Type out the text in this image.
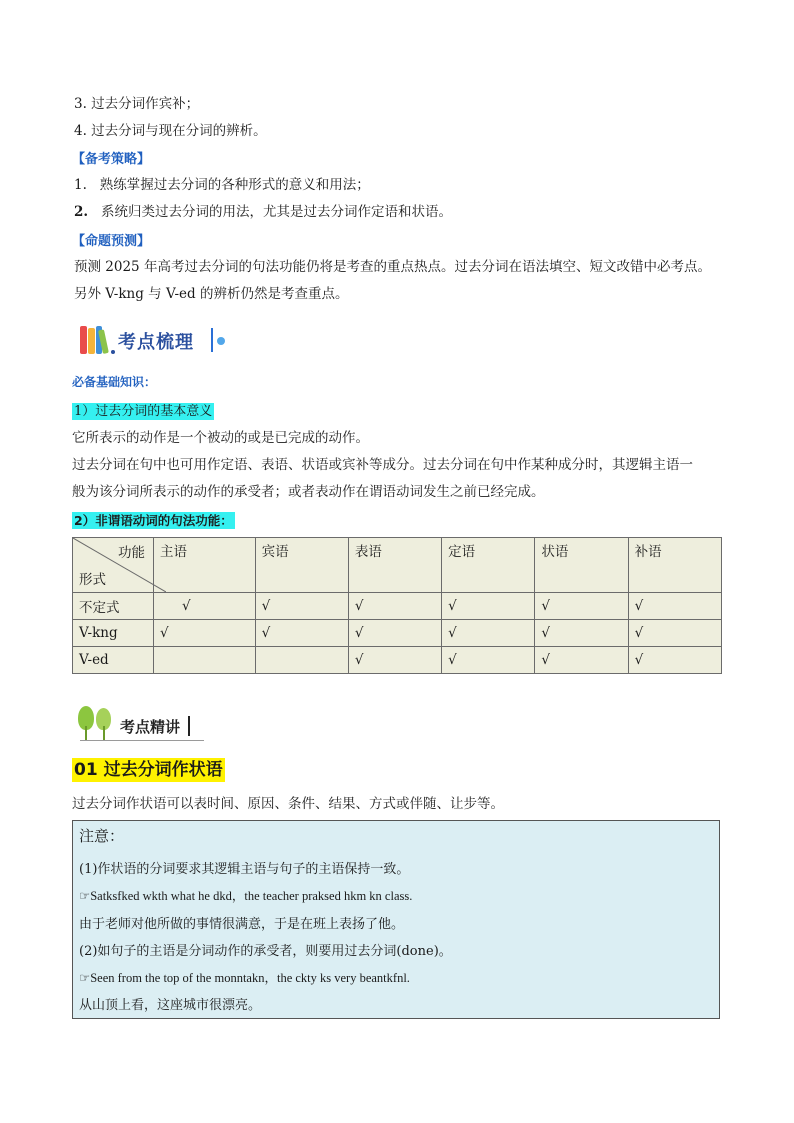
3. 过去分词作宾补；
4. 过去分词与现在分词的辨析。
【备考策略】
1. 熟练掌握过去分词的各种形式的意义和用法；
2. 系统归类过去分词的用法，尤其是过去分词作定语和状语。
【命题预测】
预测 2025 年高考过去分词的句法功能仍将是考查的重点热点。过去分词在语法填空、短文改错中必考点。
另外 V-kng 与 V-ed 的辨析仍然是考查重点。
考点梳理
必备基础知识：
1）过去分词的基本意义
它所表示的动作是一个被动的或是已完成的动作。
过去分词在句中也可用作定语、表语、状语或宾补等成分。过去分词在句中作某种成分时，其逻辑主语一
般为该分词所表示的动作的承受者；或者表动作在谓语动词发生之前已经完成。
2）非谓语动词的句法功能：
功能
形式	主语	宾语	表语	定语	状语	补语
不定式	√	√	√	√	√	√
V-kng	√	√	√	√	√	√
V-ed			√	√	√	√
考点精讲
01 过去分词作状语
过去分词作状语可以表时间、原因、条件、结果、方式或伴随、让步等。
注意：
(1)作状语的分词要求其逻辑主语与句子的主语保持一致。
☞Satksfked wkth what he dkd，the teacher praksed hkm kn class.
由于老师对他所做的事情很满意，于是在班上表扬了他。
(2)如句子的主语是分词动作的承受者，则要用过去分词(done)。
☞Seen from the top of the monntakn，the ckty ks very beantkfnl.
从山顶上看，这座城市很漂亮。
